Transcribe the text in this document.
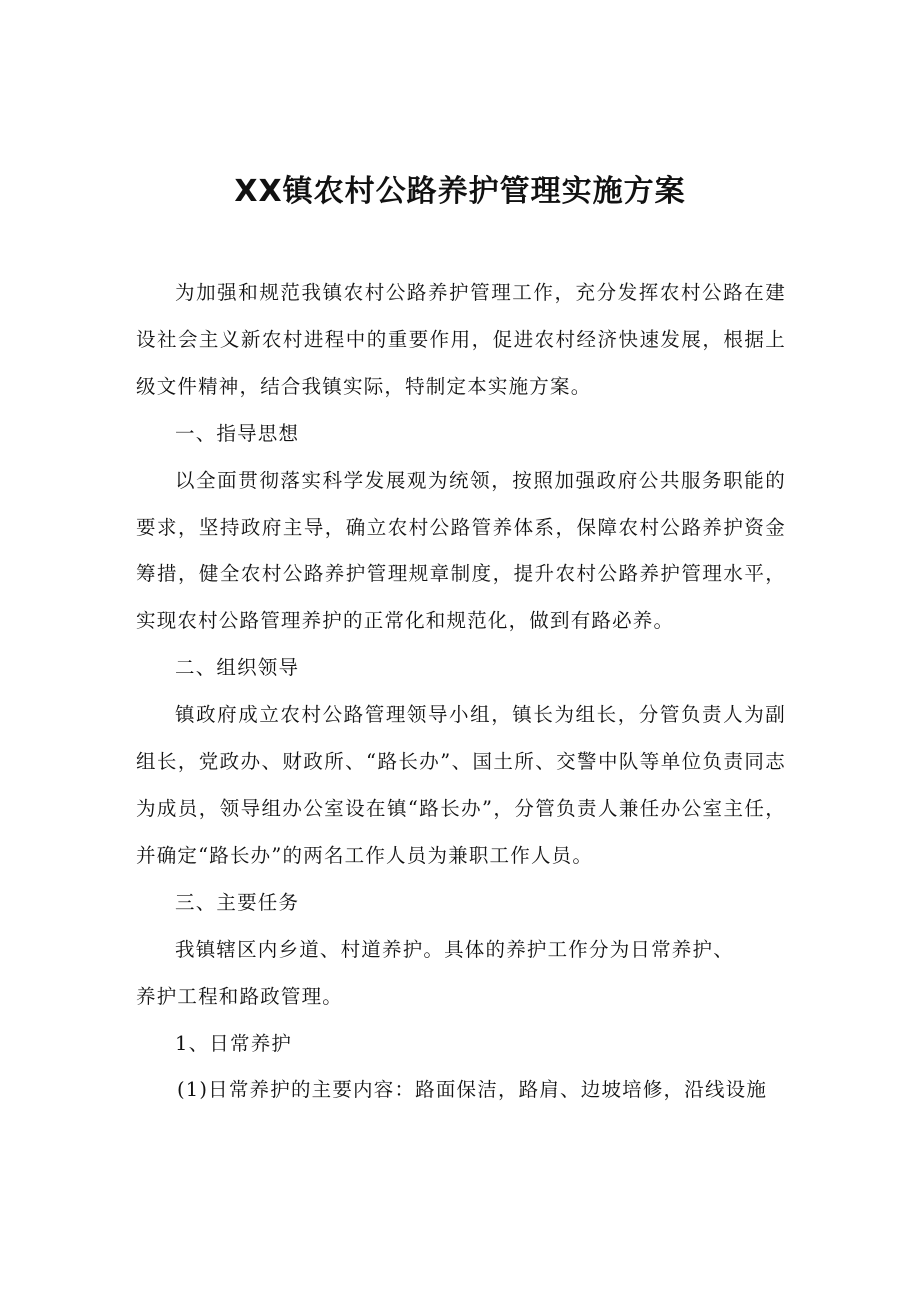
XX镇农村公路养护管理实施方案

为加强和规范我镇农村公路养护管理工作，充分发挥农村公路在建设社会主义新农村进程中的重要作用，促进农村经济快速发展，根据上级文件精神，结合我镇实际，特制定本实施方案。

一、指导思想

以全面贯彻落实科学发展观为统领，按照加强政府公共服务职能的要求，坚持政府主导，确立农村公路管养体系，保障农村公路养护资金筹措，健全农村公路养护管理规章制度，提升农村公路养护管理水平，实现农村公路管理养护的正常化和规范化，做到有路必养。

二、组织领导

镇政府成立农村公路管理领导小组，镇长为组长，分管负责人为副组长，党政办、财政所、“路长办”、国土所、交警中队等单位负责同志为成员，领导组办公室设在镇“路长办”，分管负责人兼任办公室主任，并确定“路长办”的两名工作人员为兼职工作人员。

三、主要任务

我镇辖区内乡道、村道养护。具体的养护工作分为日常养护、养护工程和路政管理。

1、日常养护

(1)日常养护的主要内容：路面保洁，路肩、边坡培修，沿线设施
